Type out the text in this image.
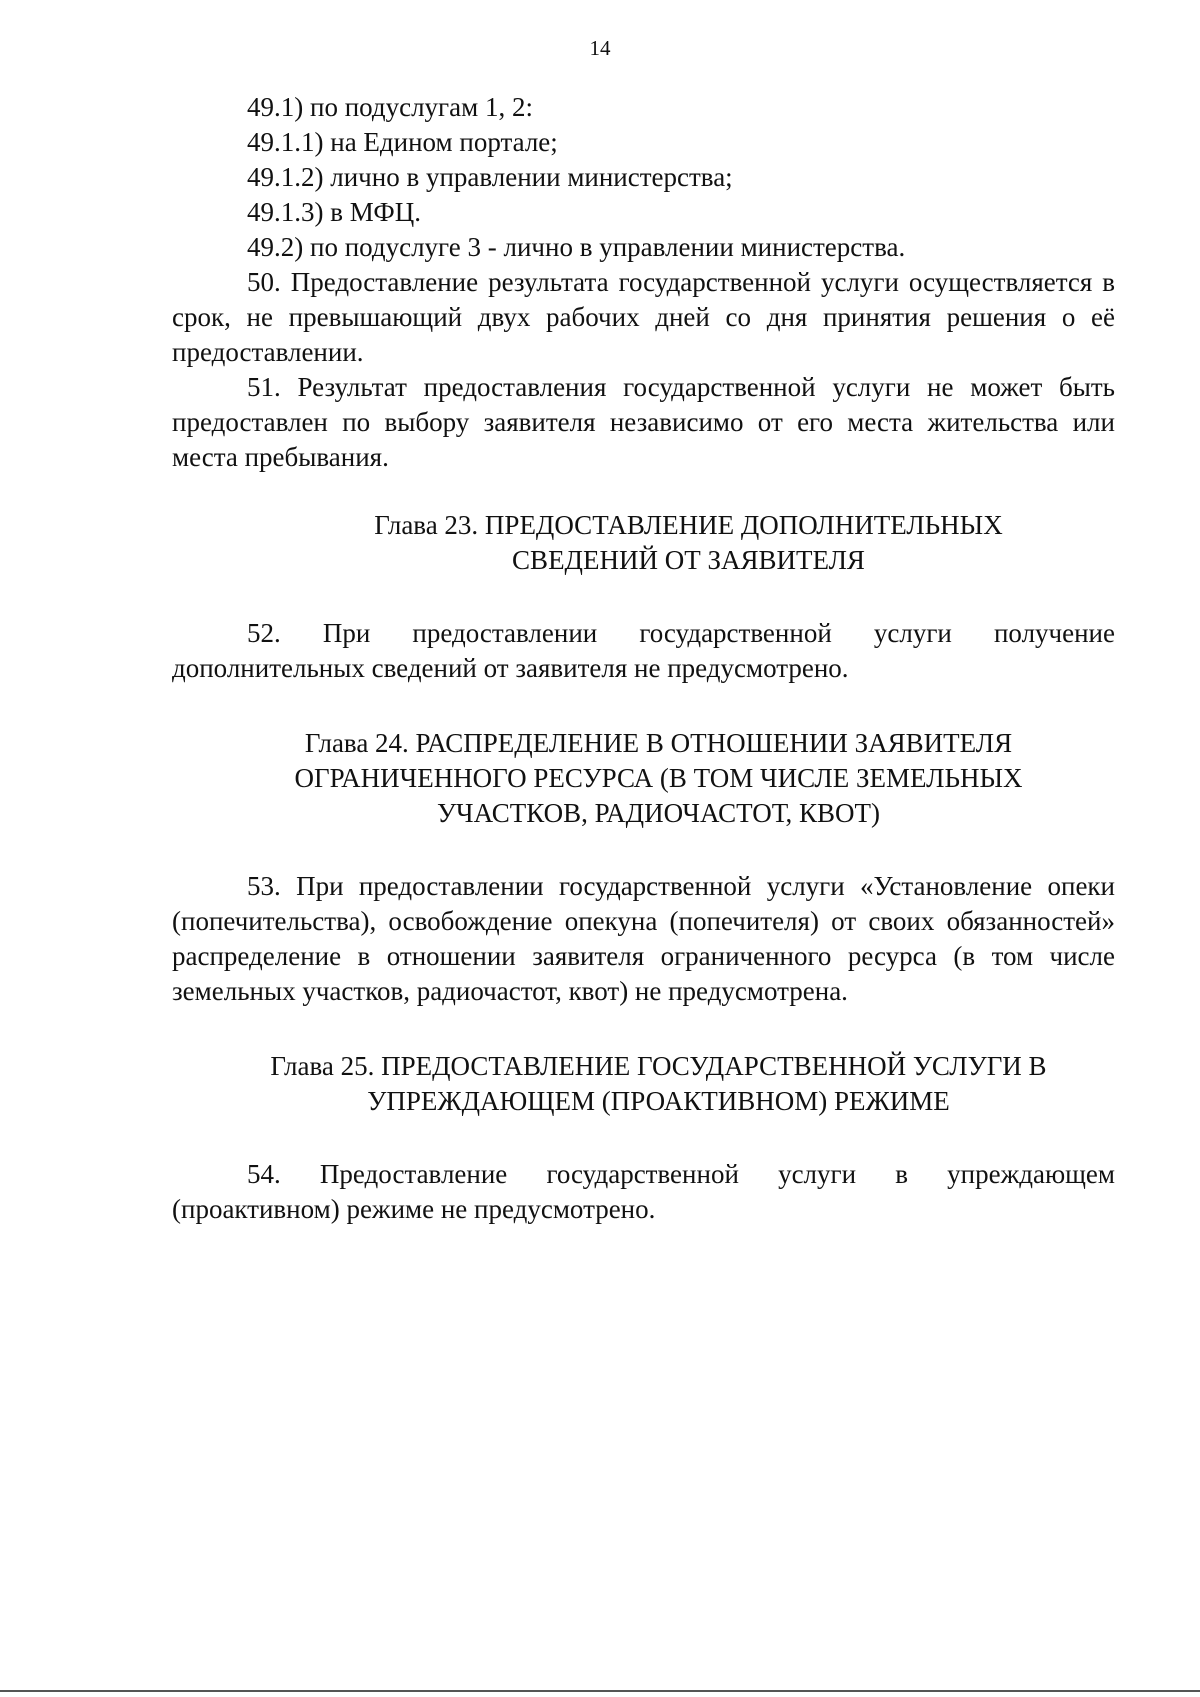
14

49.1) по подуслугам 1, 2:

49.1.1) на Едином портале;

49.1.2) лично в управлении министерства;

49.1.3) в МФЦ.

49.2) по подуслуге 3 - лично в управлении министерства.

50. Предоставление результата государственной услуги осуществляется в срок, не превышающий двух рабочих дней со дня принятия решения о её предоставлении.

51. Результат предоставления государственной услуги не может быть предоставлен по выбору заявителя независимо от его места жительства или места пребывания.

Глава 23. ПРЕДОСТАВЛЕНИЕ ДОПОЛНИТЕЛЬНЫХ
СВЕДЕНИЙ ОТ ЗАЯВИТЕЛЯ

52. При предоставлении государственной услуги получение дополнительных сведений от заявителя не предусмотрено.

Глава 24. РАСПРЕДЕЛЕНИЕ В ОТНОШЕНИИ ЗАЯВИТЕЛЯ
ОГРАНИЧЕННОГО РЕСУРСА (В ТОМ ЧИСЛЕ ЗЕМЕЛЬНЫХ
УЧАСТКОВ, РАДИОЧАСТОТ, КВОТ)

53. При предоставлении государственной услуги «Установление опеки (попечительства), освобождение опекуна (попечителя) от своих обязанностей» распределение в отношении заявителя ограниченного ресурса (в том числе земельных участков, радиочастот, квот) не предусмотрена.

Глава 25. ПРЕДОСТАВЛЕНИЕ ГОСУДАРСТВЕННОЙ УСЛУГИ В
УПРЕЖДАЮЩЕМ (ПРОАКТИВНОМ) РЕЖИМЕ

54. Предоставление государственной услуги в упреждающем (проактивном) режиме не предусмотрено.
